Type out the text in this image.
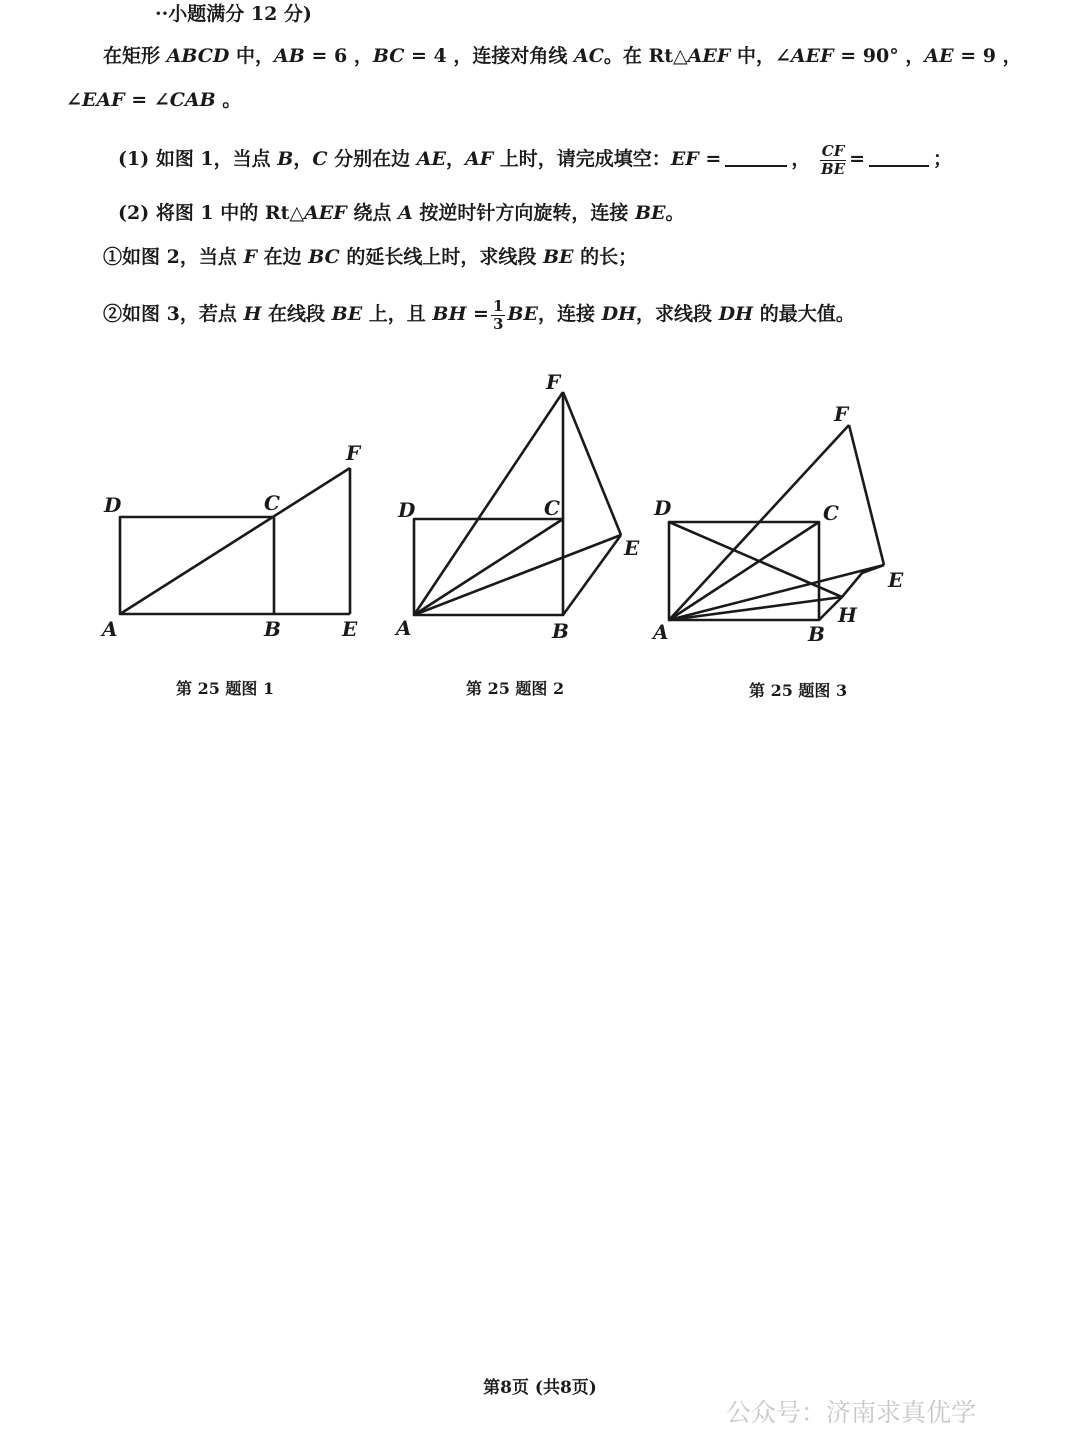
··小题满分 12 分)
在矩形 ABCD 中，AB = 6 ，BC = 4 ，连接对角线 AC。在 Rt△AEF 中，∠AEF = 90° ，AE = 9 ，
∠EAF = ∠CAB 。
(1) 如图 1，当点 B，C 分别在边 AE，AF 上时，请完成填空：EF =	， $\frac{CF}{BE}$ =	；
(2) 将图 1 中的 Rt△AEF 绕点 A 按逆时针方向旋转，连接 BE。
①如图 2，当点 F 在边 BC 的延长线上时，求线段 BE 的长；
②如图 3，若点 H 在线段 BE 上，且 BH = $\frac{1}{3}$ BE，连接 DH，求线段 DH 的最大值。
D	C
F
A	B	E
第 25 题图 1
F
D	C
E
A	B
第 25 题图 2
F
D	C
E
H
A	B
第 25 题图 3
第8页 (共8页)
公众号：济南求真优学
